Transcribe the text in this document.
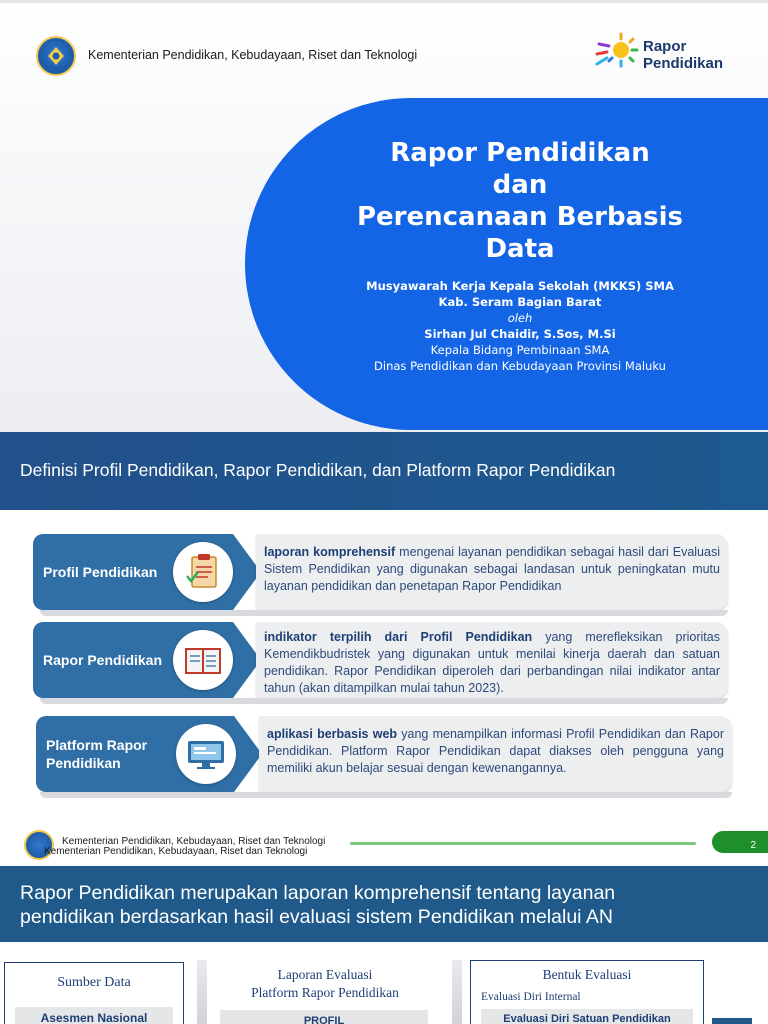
Kementerian Pendidikan, Kebudayaan, Riset dan Teknologi	Rapor
Pendidikan
Rapor Pendidikan
dan
Perencanaan Berbasis
Data
Musyawarah Kerja Kepala Sekolah (MKKS) SMA
Kab. Seram Bagian Barat
oleh
Sirhan Jul Chaidir, S.Sos, M.Si
Kepala Bidang Pembinaan SMA
Dinas Pendidikan dan Kebudayaan Provinsi Maluku
Definisi Profil Pendidikan, Rapor Pendidikan, dan Platform Rapor Pendidikan
Profil Pendidikan
laporan komprehensif mengenai layanan pendidikan sebagai hasil dari Evaluasi Sistem Pendidikan yang digunakan sebagai landasan untuk peningkatan mutu layanan pendidikan dan penetapan Rapor Pendidikan
Rapor Pendidikan
indikator terpilih dari Profil Pendidikan yang merefleksikan prioritas Kemendikbudristek yang digunakan untuk menilai kinerja daerah dan satuan pendidikan. Rapor Pendidikan diperoleh dari perbandingan nilai indikator antar tahun (akan ditampilkan mulai tahun 2023).
Platform Rapor
Pendidikan
aplikasi berbasis web yang menampilkan informasi Profil Pendidikan dan Rapor Pendidikan. Platform Rapor Pendidikan dapat diakses oleh pengguna yang memiliki akun belajar sesuai dengan kewenangannya.
Kementerian Pendidikan, Kebudayaan, Riset dan Teknologi
Kementerian Pendidikan, Kebudayaan, Riset dan Teknologi
2
Rapor Pendidikan merupakan laporan komprehensif tentang layanan
pendidikan berdasarkan hasil evaluasi sistem Pendidikan melalui AN
Sumber Data
Asesmen Nasional
Laporan Evaluasi
Platform Rapor Pendidikan
PROFIL
Bentuk Evaluasi
Evaluasi Diri Internal
Evaluasi Diri Satuan Pendidikan
